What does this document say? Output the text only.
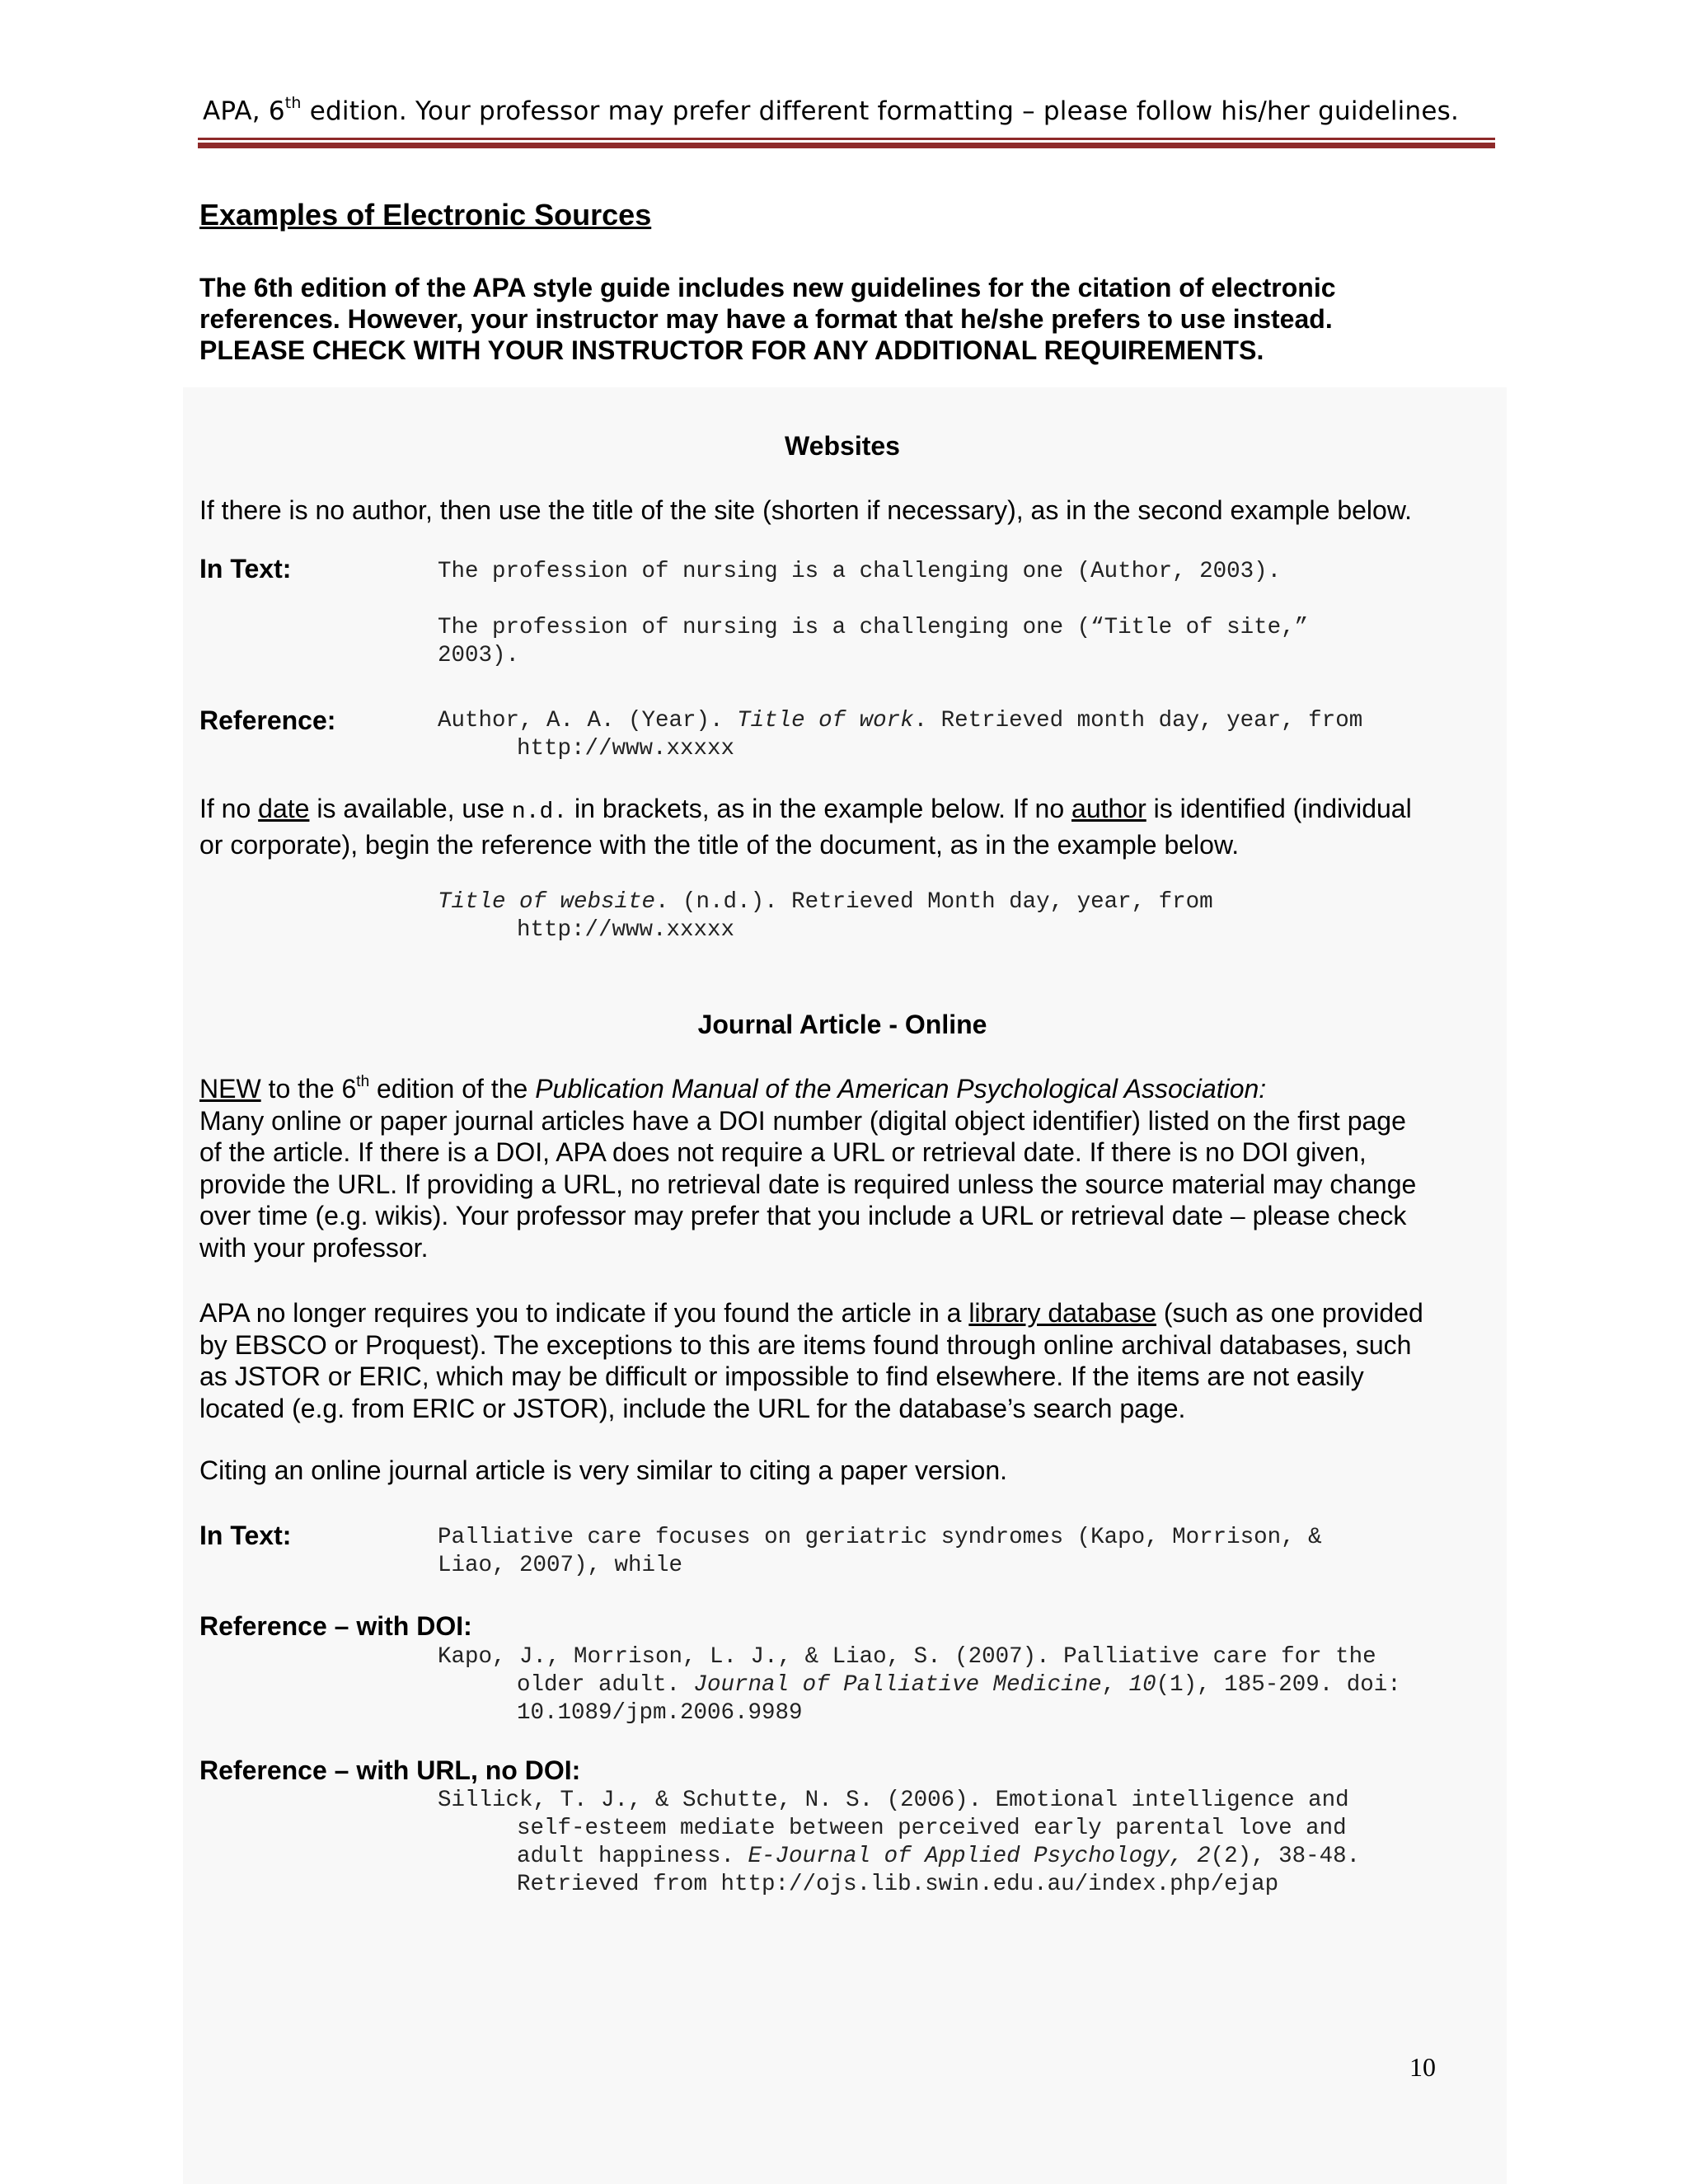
APA, 6th edition. Your professor may prefer different formatting – please follow his/her guidelines.
Examples of Electronic Sources
The 6th edition of the APA style guide includes new guidelines for the citation of electronic
references. However, your instructor may have a format that he/she prefers to use instead.
PLEASE CHECK WITH YOUR INSTRUCTOR FOR ANY ADDITIONAL REQUIREMENTS.
Websites
If there is no author, then use the title of the site (shorten if necessary), as in the second example below.
In Text:	The profession of nursing is a challenging one (Author, 2003).
The profession of nursing is a challenging one (“Title of site,”
2003).
Reference:	Author, A. A. (Year). Title of work. Retrieved month day, year, from
http://www.xxxxx
If no date is available, use n.d. in brackets, as in the example below. If no author is identified (individual
or corporate), begin the reference with the title of the document, as in the example below.
Title of website. (n.d.). Retrieved Month day, year, from
http://www.xxxxx
Journal Article - Online
NEW to the 6th edition of the Publication Manual of the American Psychological Association:
Many online or paper journal articles have a DOI number (digital object identifier) listed on the first page
of the article. If there is a DOI, APA does not require a URL or retrieval date. If there is no DOI given,
provide the URL. If providing a URL, no retrieval date is required unless the source material may change
over time (e.g. wikis). Your professor may prefer that you include a URL or retrieval date – please check
with your professor.
APA no longer requires you to indicate if you found the article in a library database (such as one provided
by EBSCO or Proquest). The exceptions to this are items found through online archival databases, such
as JSTOR or ERIC, which may be difficult or impossible to find elsewhere. If the items are not easily
located (e.g. from ERIC or JSTOR), include the URL for the database’s search page.
Citing an online journal article is very similar to citing a paper version.
In Text:	Palliative care focuses on geriatric syndromes (Kapo, Morrison, &
Liao, 2007), while
Reference – with DOI:
Kapo, J., Morrison, L. J., & Liao, S. (2007). Palliative care for the
older adult. Journal of Palliative Medicine, 10(1), 185-209. doi:
10.1089/jpm.2006.9989
Reference – with URL, no DOI:
Sillick, T. J., & Schutte, N. S. (2006). Emotional intelligence and
self-esteem mediate between perceived early parental love and
adult happiness. E-Journal of Applied Psychology, 2(2), 38-48.
Retrieved from http://ojs.lib.swin.edu.au/index.php/ejap
10
